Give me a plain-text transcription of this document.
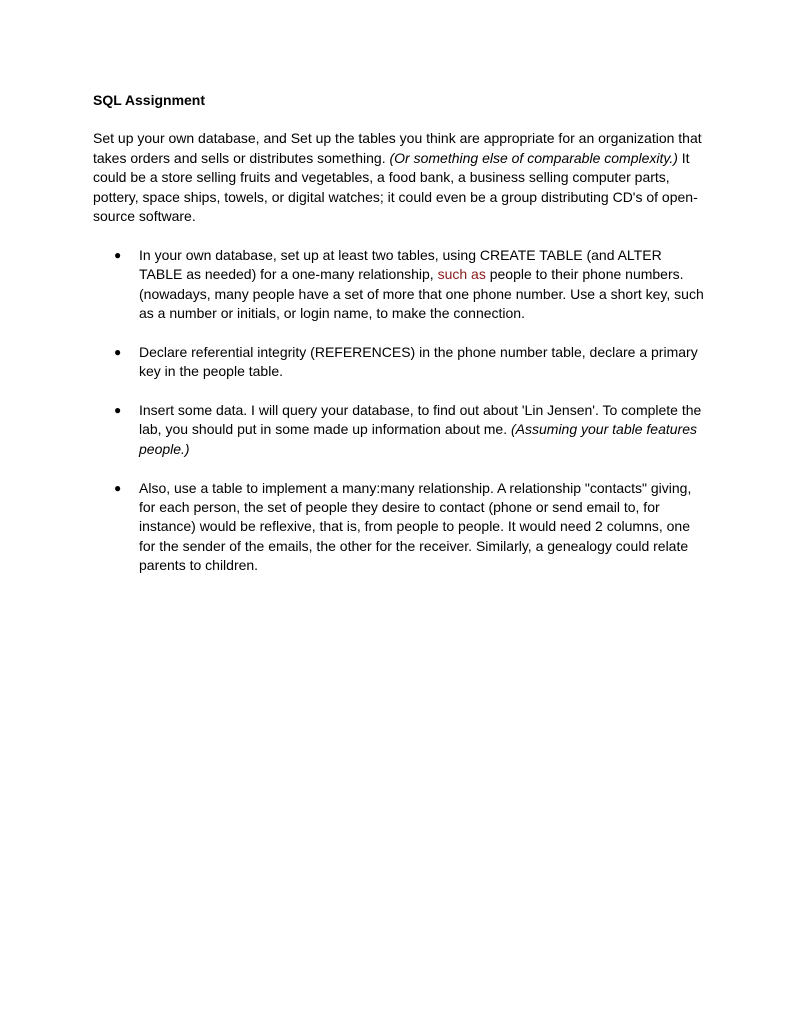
SQL Assignment

Set up your own database, and Set up the tables you think are appropriate for an organization that takes orders and sells or distributes something. (Or something else of comparable complexity.) It could be a store selling fruits and vegetables, a food bank, a business selling computer parts, pottery, space ships, towels, or digital watches; it could even be a group distributing CD's of open-source software.

● In your own database, set up at least two tables, using CREATE TABLE (and ALTER TABLE as needed) for a one-many relationship, such as people to their phone numbers. (nowadays, many people have a set of more that one phone number. Use a short key, such as a number or initials, or login name, to make the connection.
● Declare referential integrity (REFERENCES) in the phone number table, declare a primary key in the people table.
● Insert some data. I will query your database, to find out about 'Lin Jensen'. To complete the lab, you should put in some made up information about me. (Assuming your table features people.)
● Also, use a table to implement a many:many relationship. A relationship "contacts" giving, for each person, the set of people they desire to contact (phone or send email to, for instance) would be reflexive, that is, from people to people. It would need 2 columns, one for the sender of the emails, the other for the receiver. Similarly, a genealogy could relate parents to children.
